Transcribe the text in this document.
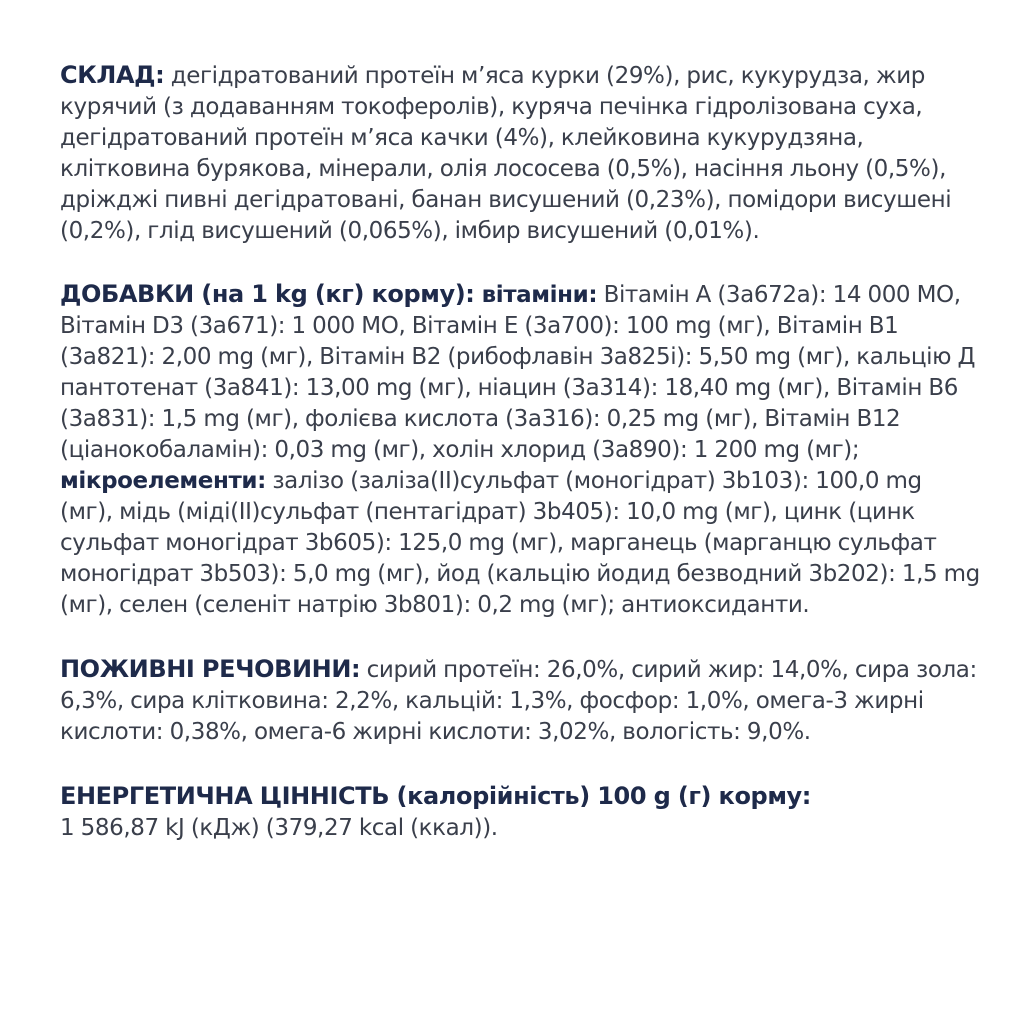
СКЛАД: дегідратований протеїн м’яса курки (29%), рис, кукурудза, жир курячий (з додаванням токоферолів), куряча печінка гідролізована суха, дегідратований протеїн м’яса качки (4%), клейковина кукурудзяна, клітковина бурякова, мінерали, олія лососева (0,5%), насіння льону (0,5%), дріжджі пивні дегідратовані, банан висушений (0,23%), помідори висушені (0,2%), глід висушений (0,065%), імбир висушений (0,01%).

ДОБАВКИ (на 1 kg (кг) корму): вітаміни: Вітамін А (3а672а): 14 000 МО, Вітамін D3 (3а671): 1 000 МО, Вітамін Е (3а700): 100 mg (мг), Вітамін В1 (3а821): 2,00 mg (мг), Вітамін В2 (рибофлавін 3а825і): 5,50 mg (мг), кальцію Д пантотенат (3а841): 13,00 mg (мг), ніацин (3а314): 18,40 mg (мг), Вітамін В6 (3а831): 1,5 mg (мг), фолієва кислота (3а316): 0,25 mg (мг), Вітамін В12 (ціанокобаламін): 0,03 mg (мг), холін хлорид (3а890): 1 200 mg (мг); мікроелементи: залізо (заліза(ІІ)сульфат (моногідрат) 3b103): 100,0 mg (мг), мідь (міді(ІІ)сульфат (пентагідрат) 3b405): 10,0 mg (мг), цинк (цинк сульфат моногідрат 3b605): 125,0 mg (мг), марганець (марганцю сульфат моногідрат 3b503): 5,0 mg (мг), йод (кальцію йодид безводний 3b202): 1,5 mg (мг), селен (селеніт натрію 3b801): 0,2 mg (мг); антиоксиданти.

ПОЖИВНІ РЕЧОВИНИ: сирий протеїн: 26,0%, сирий жир: 14,0%, сира зола: 6,3%, сира клітковина: 2,2%, кальцій: 1,3%, фосфор: 1,0%, омега-3 жирні кислоти: 0,38%, омега-6 жирні кислоти: 3,02%, вологість: 9,0%.

ЕНЕРГЕТИЧНА ЦІННІСТЬ (калорійність) 100 g (г) корму:

1 586,87 kJ (кДж) (379,27 kcal (ккал)).
